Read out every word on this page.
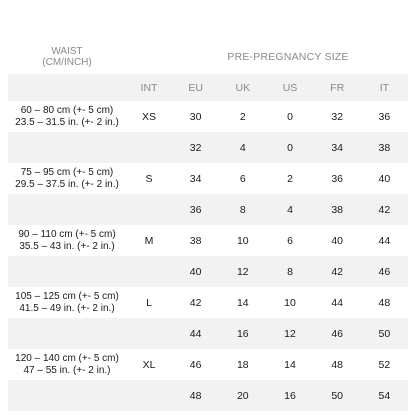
WAIST
(CM/INCH)	PRE-PREGNANCY SIZE
	INT	EU	UK	US	FR	IT

60 – 80 cm (+- 5 cm)
23.5 – 31.5 in. (+- 2 in.)	XS	30	2	0	32	36

		32	4	0	34	38

75 – 95 cm (+- 5 cm)
29.5 – 37.5 in. (+- 2 in.)	S	34	6	2	36	40

		36	8	4	38	42

90 – 110 cm (+- 5 cm)
35.5 – 43 in. (+- 2 in.)	M	38	10	6	40	44

		40	12	8	42	46

105 – 125 cm (+- 5 cm)
41.5 – 49 in. (+- 2 in.)	L	42	14	10	44	48

		44	16	12	46	50

120 – 140 cm (+- 5 cm)
47 – 55 in. (+- 2 in.)	XL	46	18	14	48	52

		48	20	16	50	54
